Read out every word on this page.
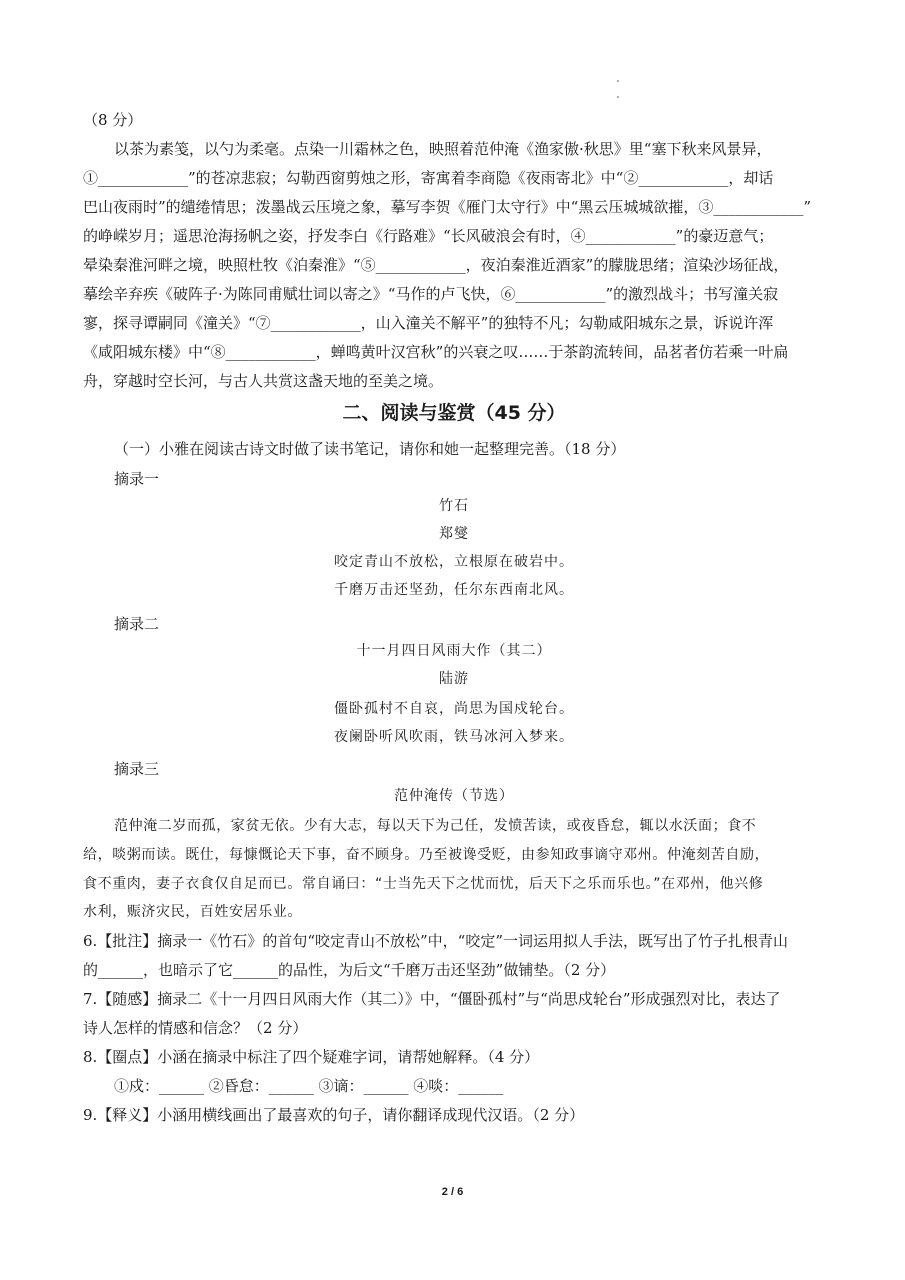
（8 分）
以茶为素笺，以勺为柔毫。点染一川霜林之色，映照着范仲淹《渔家傲·秋思》里“塞下秋来风景异，
①____________”的苍凉悲寂；勾勒西窗剪烛之形，寄寓着李商隐《夜雨寄北》中“②____________，却话
巴山夜雨时”的缱绻情思；泼墨战云压境之象，摹写李贺《雁门太守行》中“黑云压城城欲摧，③____________”
的峥嵘岁月；遥思沧海扬帆之姿，抒发李白《行路难》“长风破浪会有时，④____________”的豪迈意气；
晕染秦淮河畔之境，映照杜牧《泊秦淮》“⑤____________，夜泊秦淮近酒家”的朦胧思绪；渲染沙场征战，
摹绘辛弃疾《破阵子·为陈同甫赋壮词以寄之》“马作的卢飞快，⑥____________”的激烈战斗；书写潼关寂
寥，探寻谭嗣同《潼关》“⑦____________，山入潼关不解平”的独特不凡；勾勒咸阳城东之景，诉说许浑
《咸阳城东楼》中“⑧____________，蝉鸣黄叶汉宫秋”的兴衰之叹……于茶韵流转间，品茗者仿若乘一叶扁
舟，穿越时空长河，与古人共赏这盏天地的至美之境。
二、阅读与鉴赏（45 分）
（一）小雅在阅读古诗文时做了读书笔记，请你和她一起整理完善。（18 分）
摘录一
竹石
郑燮
咬定青山不放松，立根原在破岩中。
千磨万击还坚劲，任尔东西南北风。
摘录二
十一月四日风雨大作（其二）
陆游
僵卧孤村不自哀，尚思为国戍轮台。
夜阑卧听风吹雨，铁马冰河入梦来。
摘录三
范仲淹传（节选）
范仲淹二岁而孤，家贫无依。少有大志，每以天下为己任，发愤苦读，或夜昏怠，辄以水沃面；食不
给，啖粥而读。既仕，每慷慨论天下事，奋不顾身。乃至被谗受贬，由参知政事谪守邓州。仲淹刻苦自励，
食不重肉，妻子衣食仅自足而已。常自诵曰：“士当先天下之忧而忧，后天下之乐而乐也。”在邓州，他兴修
水利，赈济灾民，百姓安居乐业。
6.【批注】摘录一《竹石》的首句“咬定青山不放松”中，“咬定”一词运用拟人手法，既写出了竹子扎根青山
的______，也暗示了它______的品性，为后文“千磨万击还坚劲”做铺垫。（2 分）
7.【随感】摘录二《十一月四日风雨大作（其二）》中，“僵卧孤村”与“尚思戍轮台”形成强烈对比，表达了
诗人怎样的情感和信念？（2 分）
8.【圈点】小涵在摘录中标注了四个疑难字词，请帮她解释。（4 分）
①戍：______ ②昏怠：______ ③谪：______ ④啖：______
9.【释义】小涵用横线画出了最喜欢的句子，请你翻译成现代汉语。（2 分）
2 / 6
